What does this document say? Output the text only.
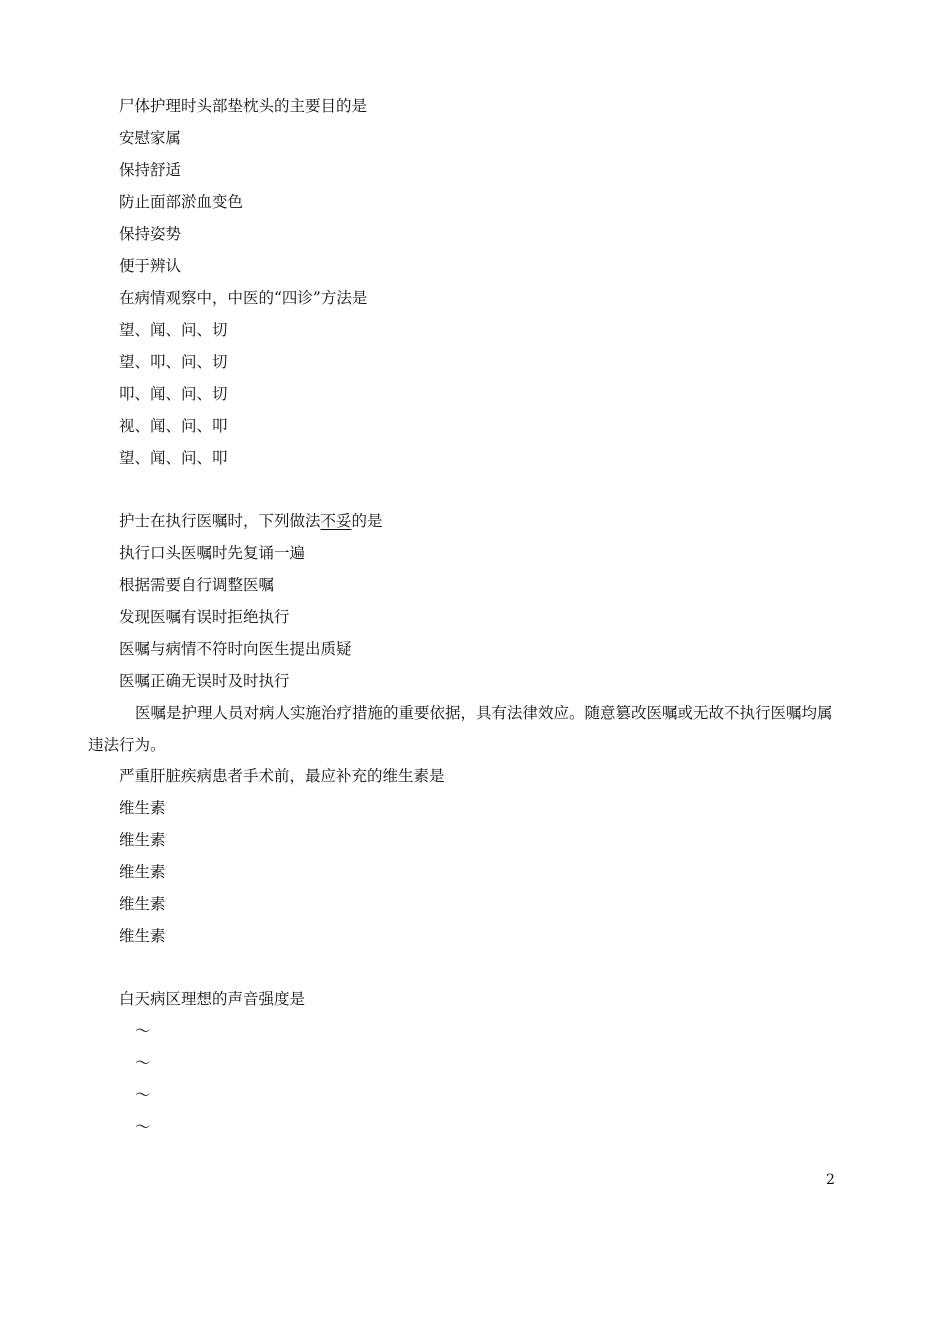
尸体护理时头部垫枕头的主要目的是
安慰家属
保持舒适
防止面部淤血变色
保持姿势
便于辨认
在病情观察中，中医的“四诊”方法是
望、闻、问、切
望、叩、问、切
叩、闻、问、切
视、闻、问、叩
望、闻、问、叩
护士在执行医嘱时，下列做法不妥的是
执行口头医嘱时先复诵一遍
根据需要自行调整医嘱
发现医嘱有误时拒绝执行
医嘱与病情不符时向医生提出质疑
医嘱正确无误时及时执行
医嘱是护理人员对病人实施治疗措施的重要依据，具有法律效应。随意篡改医嘱或无故不执行医嘱均属违法行为。
严重肝脏疾病患者手术前，最应补充的维生素是
维生素
维生素
维生素
维生素
维生素
白天病区理想的声音强度是
～
～
～
～
2
